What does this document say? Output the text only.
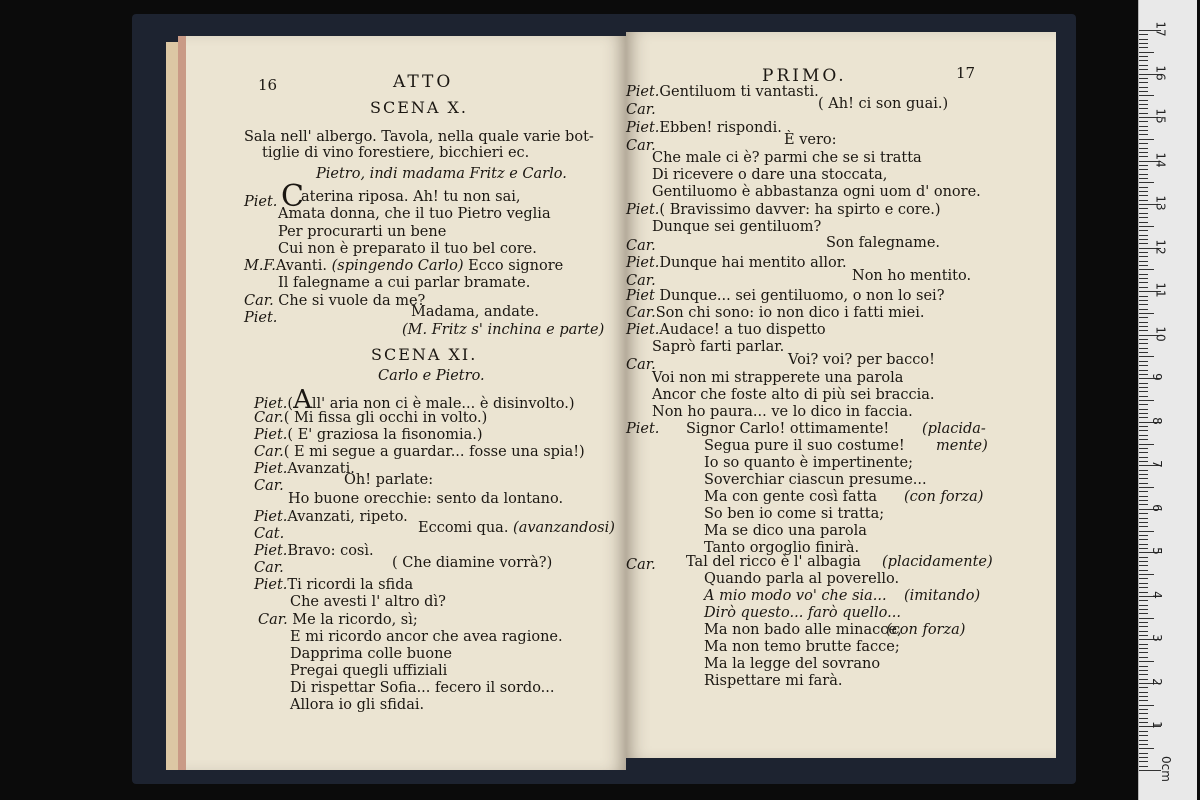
16	ATTO
SCENA X.
Sala nell' albergo. Tavola, nella quale varie bot-
tiglie di vino forestiere, bicchieri ec.
Pietro, indi madama Fritz e Carlo.
Piet. C
aterina riposa. Ah! tu non sai,
Amata donna, che il tuo Pietro veglia
Per procurarti un bene
Cui non è preparato il tuo bel core.
M.F.Avanti. (spingendo Carlo) Ecco signore
Il falegname a cui parlar bramate.
Car. Che si vuole da me?
Piet.	Madama, andate.
(M. Fritz s' inchina e parte)
SCENA XI.
Carlo e Pietro.
Piet.(All' aria non ci è male... è disinvolto.)
Car.( Mi fissa gli occhi in volto.)
Piet.( E' graziosa la fisonomia.)
Car.( E mi segue a guardar... fosse una spia!)
Piet.Avanzati.
Car.	Oh! parlate:
Ho buone orecchie: sento da lontano.
Piet.Avanzati, ripeto.
Cat.	Eccomi qua. (avanzandosi)
Piet.Bravo: così.
Car.	( Che diamine vorrà?)
Piet.Ti ricordi la sfida
Che avesti l' altro dì?
Car. Me la ricordo, sì;
E mi ricordo ancor che avea ragione.
Dapprima colle buone
Pregai quegli uffiziali
Di rispettar Sofia... fecero il sordo...
Allora io gli sfidai.
PRIMO.	17
Piet.Gentiluom ti vantasti.
Car.	( Ah! ci son guai.)
Piet.Ebben! rispondi.
Car.	È vero:
Che male ci è? parmi che se si tratta
Di ricevere o dare una stoccata,
Gentiluomo è abbastanza ogni uom d' onore.
Piet.( Bravissimo davver: ha spirto e core.)
Dunque sei gentiluom?
Car.	Son falegname.
Piet.Dunque hai mentito allor.
Car.	Non ho mentito.
Piet Dunque... sei gentiluomo, o non lo sei?
Car.Son chi sono: io non dico i fatti miei.
Piet.Audace! a tuo dispetto
Saprò farti parlar.
Car.	Voi? voi? per bacco!
Voi non mi strapperete una parola
Ancor che foste alto di più sei braccia.
Non ho paura... ve lo dico in faccia.
Piet. Signor Carlo! ottimamente! (placida-
Segua pure il suo costume! mente)
Io so quanto è impertinente;
Soverchiar ciascun presume...
Ma con gente così fatta (con forza)
So ben io come si tratta;
Ma se dico una parola
Tanto orgoglio finirà.
Car. Tal del ricco è l' albagia (placidamente)
Quando parla al poverello.
A mio modo vo' che sia... (imitando)
Dirò questo... farò quello...
Ma non bado alle minacce,
(con forza)
Ma non temo brutte facce;
Ma la legge del sovrano
Rispettare mi farà.
17
16
15
14
13
12
11
10
9
8
7
6
5
4
3
2
1
0cm
